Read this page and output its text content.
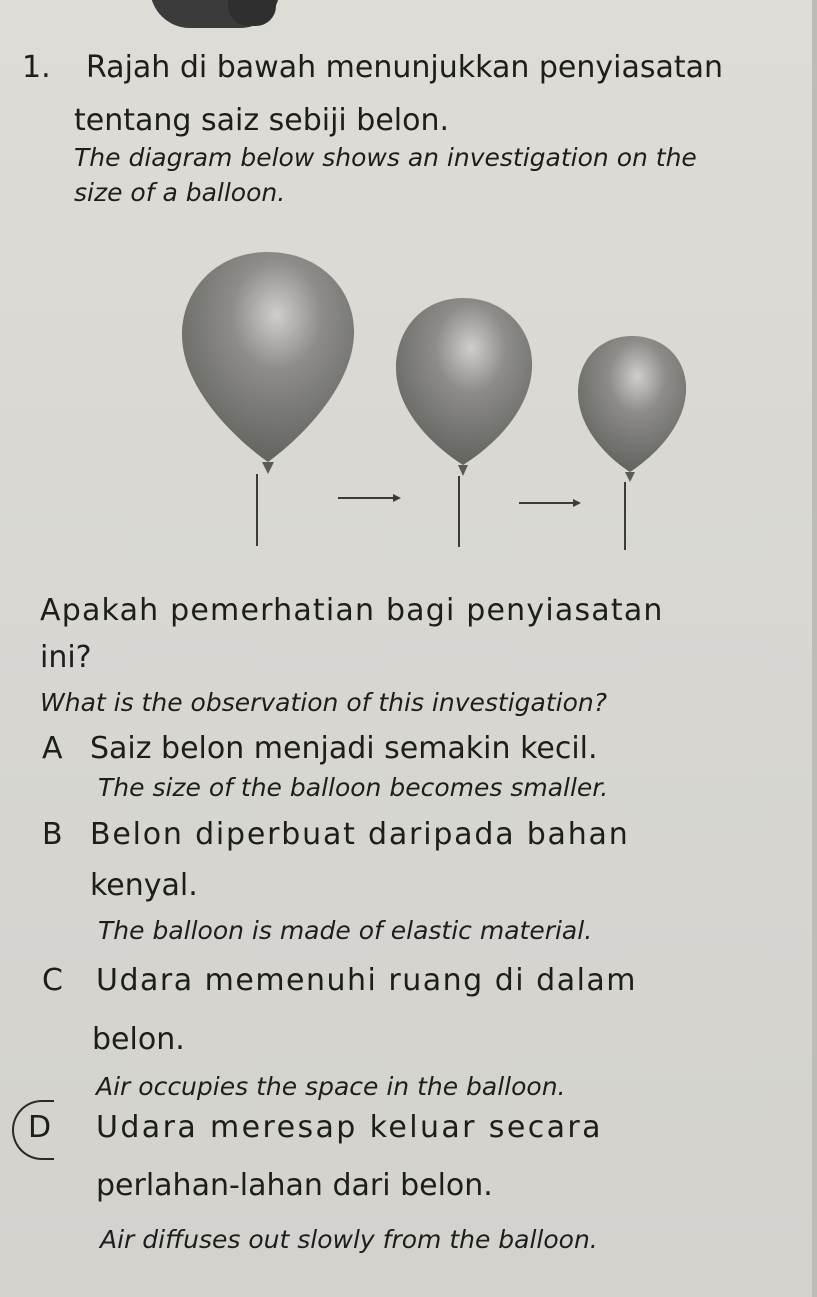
1. Rajah di bawah menunjukkan penyiasatan
tentang saiz sebiji belon.
The diagram below shows an investigation on the
size of a balloon.
Apakah pemerhatian bagi penyiasatan
ini?
What is the observation of this investigation?
A Saiz belon menjadi semakin kecil.
The size of the balloon becomes smaller.
B Belon diperbuat daripada bahan
kenyal.
The balloon is made of elastic material.
C Udara memenuhi ruang di dalam
belon.
Air occupies the space in the balloon.
D Udara meresap keluar secara
perlahan-lahan dari belon.
Air diffuses out slowly from the balloon.
